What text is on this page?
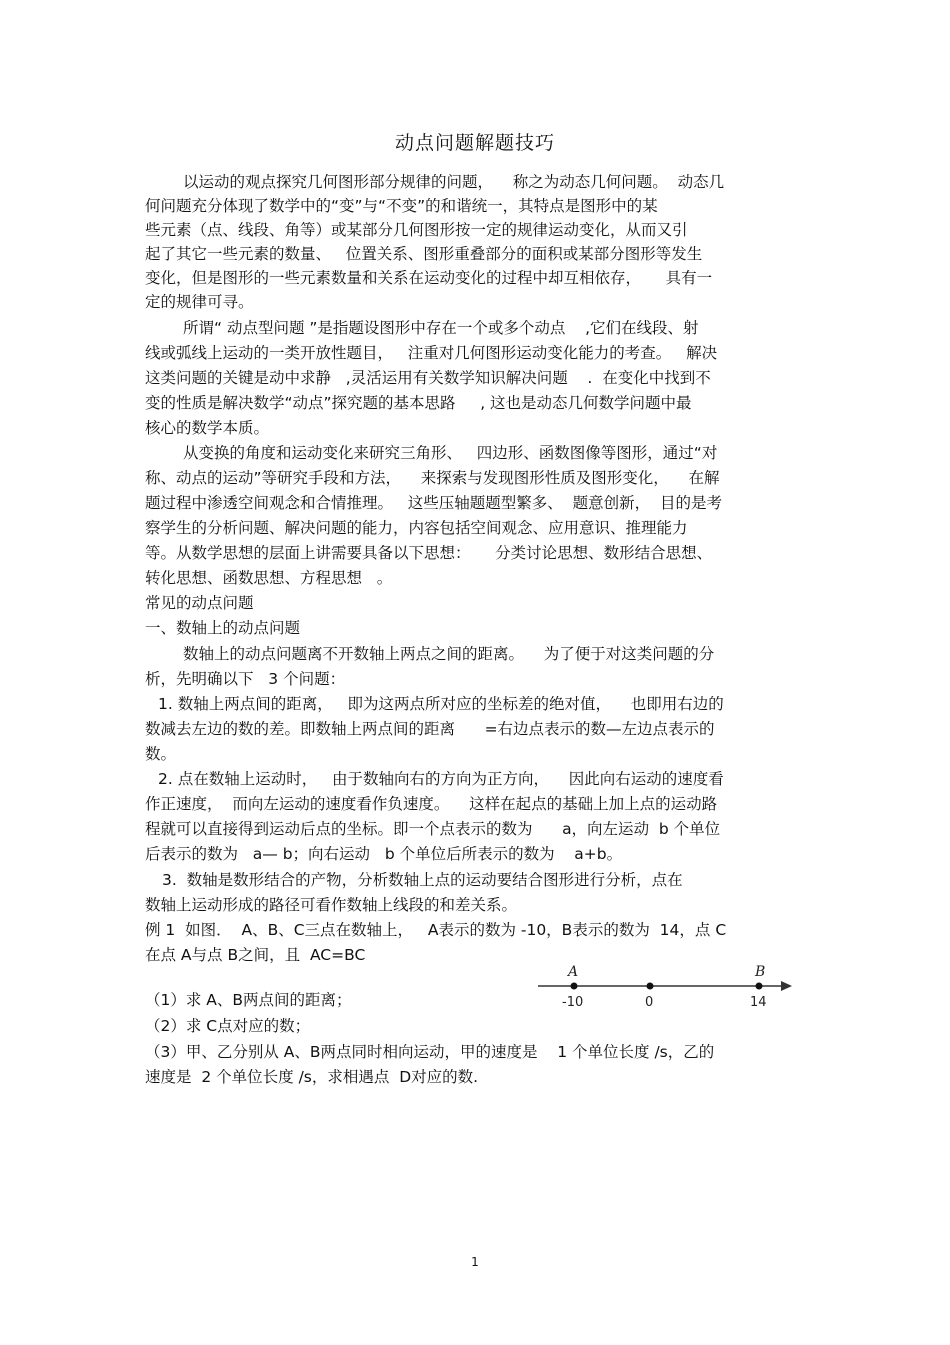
动点问题解题技巧
以运动的观点探究几何图形部分规律的问题，    称之为动态几何问题。  动态几
何问题充分体现了数学中的“变”与“不变”的和谐统一，其特点是图形中的某
些元素（点、线段、角等）或某部分几何图形按一定的规律运动变化，从而又引
起了其它一些元素的数量、   位置关系、图形重叠部分的面积或某部分图形等发生
变化，但是图形的一些元素数量和关系在运动变化的过程中却互相依存，     具有一
定的规律可寻。
所谓“ 动点型问题 ”是指题设图形中存在一个或多个动点    ,它们在线段、射
线或弧线上运动的一类开放性题目，   注重对几何图形运动变化能力的考查。   解决
这类问题的关键是动中求静   ,灵活运用有关数学知识解决问题    .  在变化中找到不
变的性质是解决数学“动点”探究题的基本思路     , 这也是动态几何数学问题中最
核心的数学本质。
从变换的角度和运动变化来研究三角形、   四边形、函数图像等图形，通过“对
称、动点的运动”等研究手段和方法，    来探索与发现图形性质及图形变化，    在解
题过程中渗透空间观念和合情推理。   这些压轴题题型繁多、  题意创新，  目的是考
察学生的分析问题、解决问题的能力，内容包括空间观念、应用意识、推理能力
等。从数学思想的层面上讲需要具备以下思想：     分类讨论思想、数形结合思想、
转化思想、函数思想、方程思想   。
常见的动点问题
一、数轴上的动点问题
数轴上的动点问题离不开数轴上两点之间的距离。    为了便于对这类问题的分
析，先明确以下   3 个问题：
1. 数轴上两点间的距离，   即为这两点所对应的坐标差的绝对值，    也即用右边的
数减去左边的数的差。即数轴上两点间的距离      =右边点表示的数—左边点表示的
数。
2. 点在数轴上运动时，   由于数轴向右的方向为正方向，    因此向右运动的速度看
作正速度，  而向左运动的速度看作负速度。    这样在起点的基础上加上点的运动路
程就可以直接得到运动后点的坐标。即一个点表示的数为      a，向左运动  b 个单位
后表示的数为   a— b；向右运动   b 个单位后所表示的数为    a+b。
3.  数轴是数形结合的产物，分析数轴上点的运动要结合图形进行分析，点在
数轴上运动形成的路径可看作数轴上线段的和差关系。
例 1  如图．  A、B、C三点在数轴上，   A表示的数为 -10，B表示的数为  14，点 C
在点 A与点 B之间，且  AC=BC
（1）求 A、B两点间的距离；
（2）求 C点对应的数；
（3）甲、乙分别从 A、B两点同时相向运动，甲的速度是    1 个单位长度 /s，乙的
速度是  2 个单位长度 /s，求相遇点  D对应的数.
A	B
-10	0	14
1
